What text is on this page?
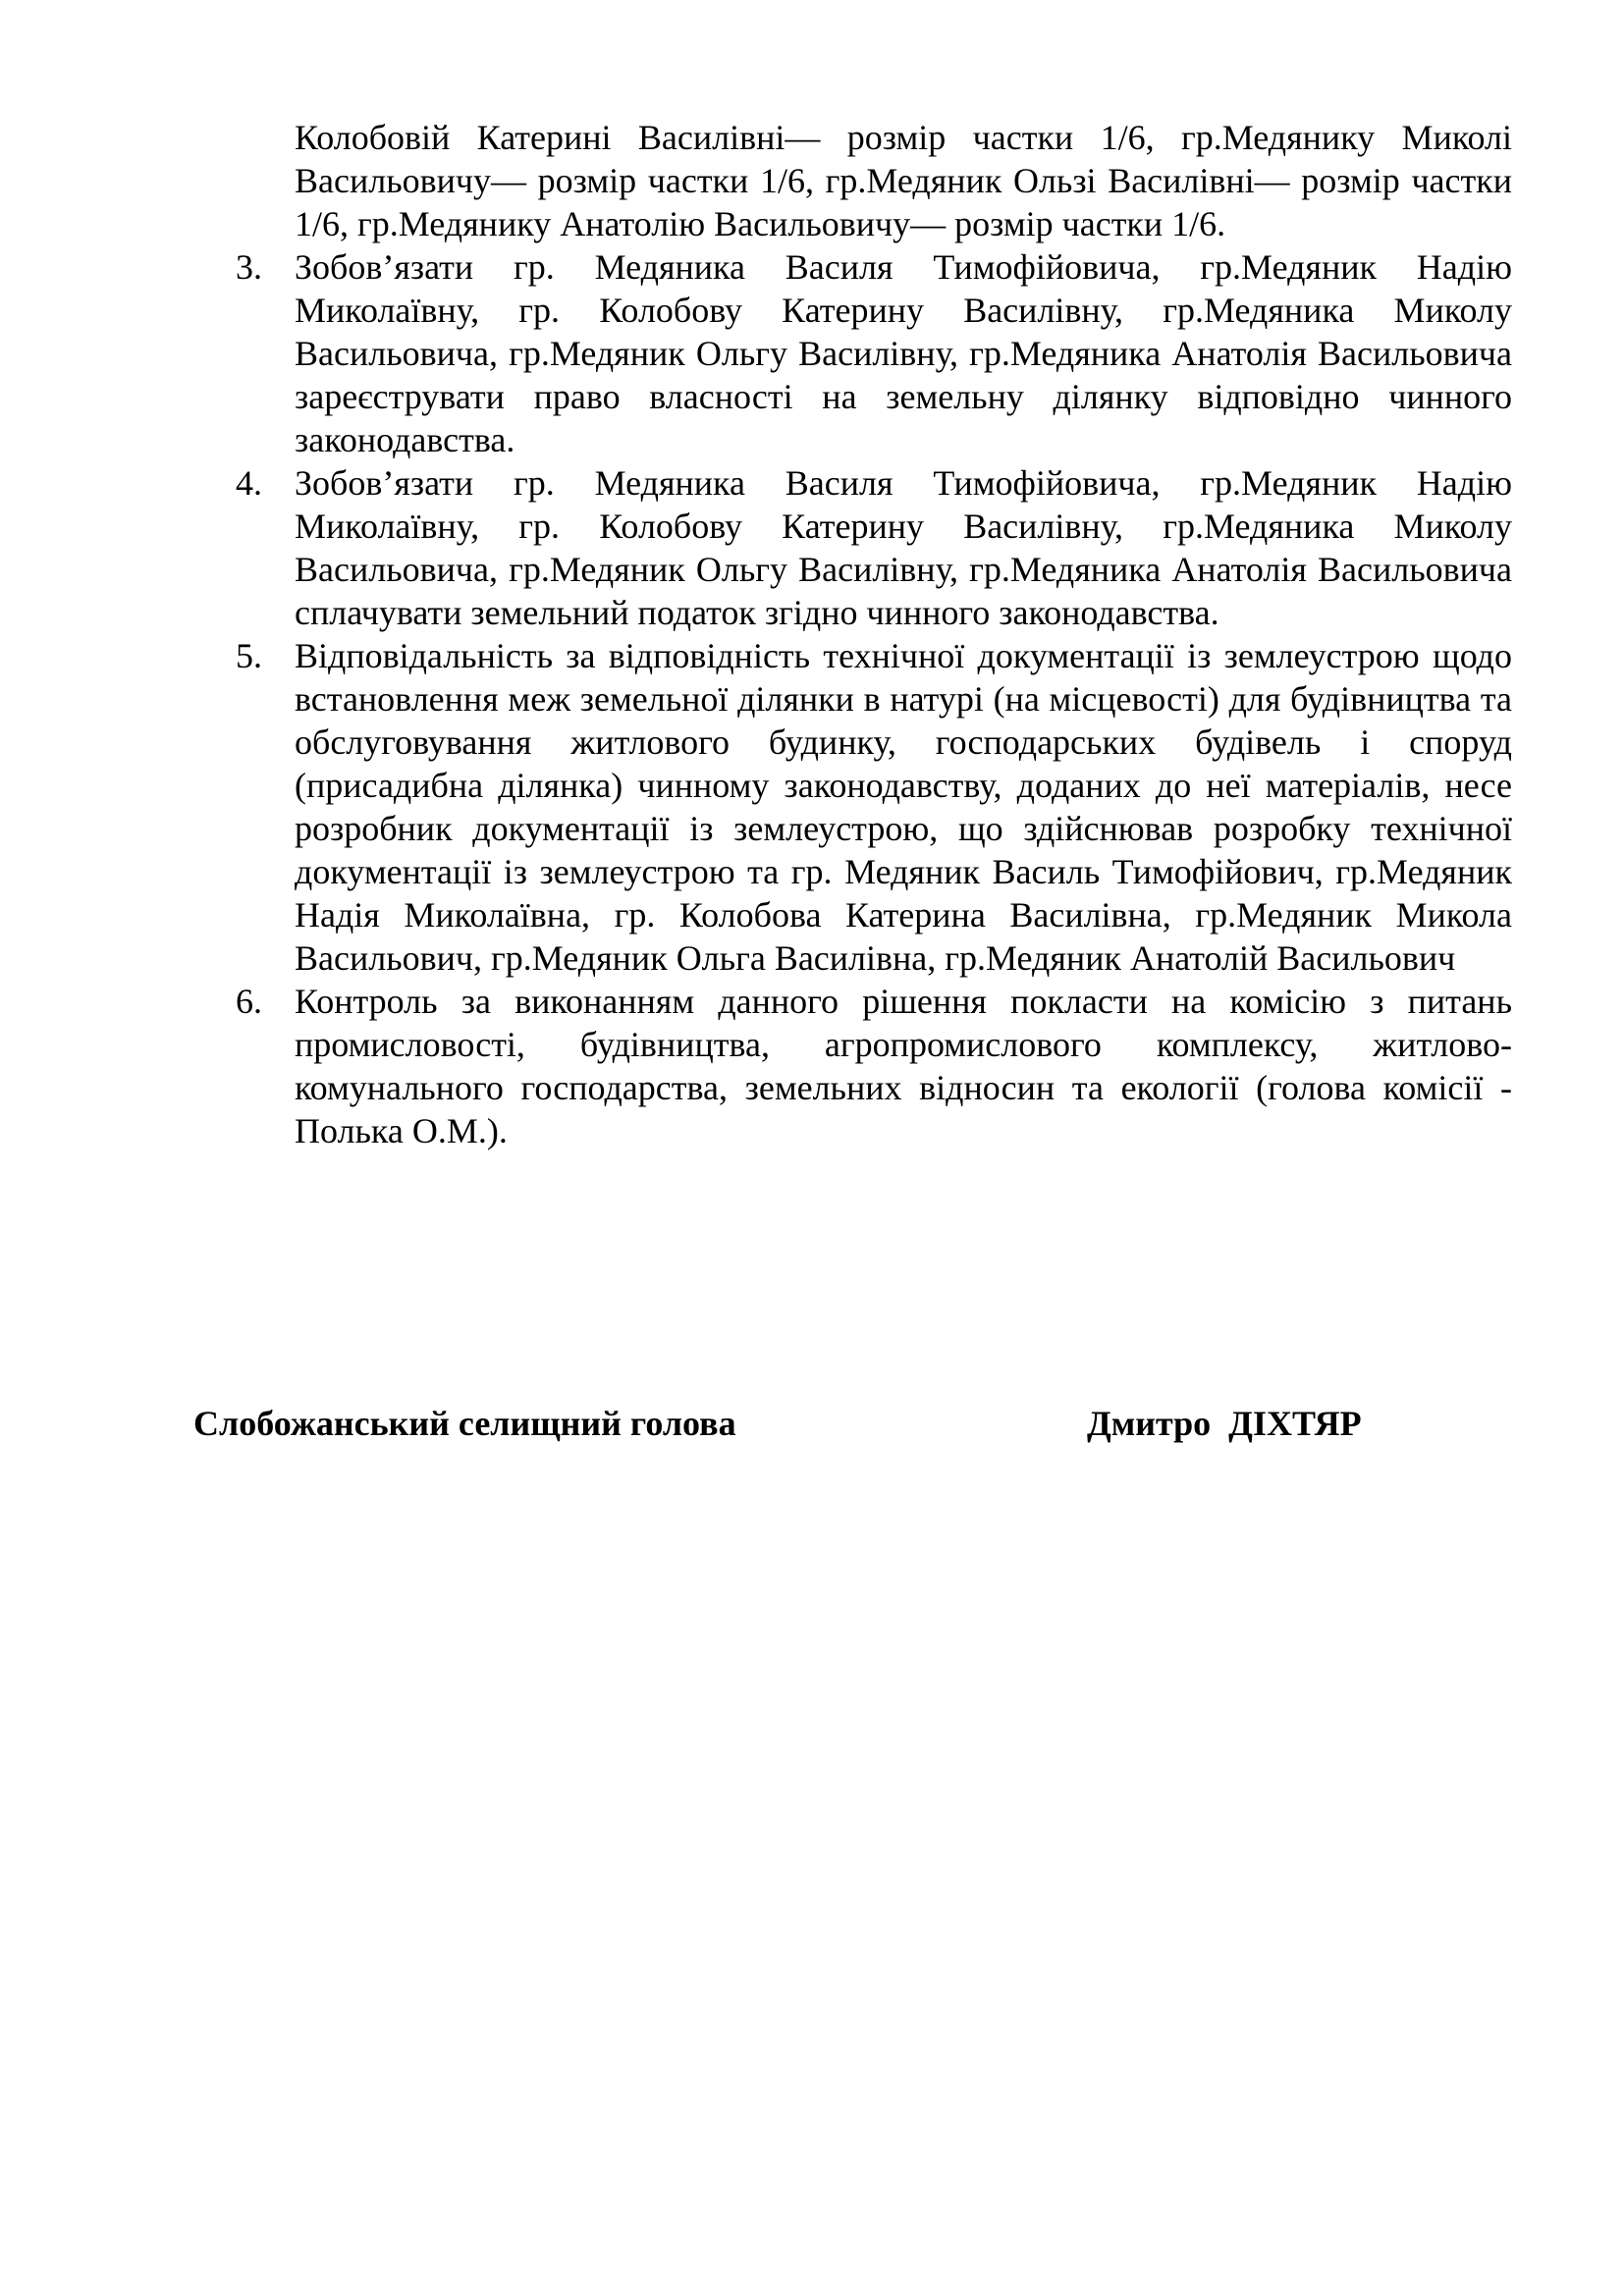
Колобовій Катерині Василівні— розмір частки 1/6, гр.Медянику Миколі Васильовичу— розмір частки 1/6, гр.Медяник Ользі Василівні— розмір частки 1/6, гр.Медянику Анатолію Васильовичу— розмір частки 1/6.

3. Зобов’язати гр. Медяника Василя Тимофійовича, гр.Медяник Надію Миколаївну, гр. Колобову Катерину Василівну, гр.Медяника Миколу Васильовича, гр.Медяник Ольгу Василівну, гр.Медяника Анатолія Васильовича зареєструвати право власності на земельну ділянку відповідно чинного законодавства.
4. Зобов’язати гр. Медяника Василя Тимофійовича, гр.Медяник Надію Миколаївну, гр. Колобову Катерину Василівну, гр.Медяника Миколу Васильовича, гр.Медяник Ольгу Василівну, гр.Медяника Анатолія Васильовича сплачувати земельний податок згідно чинного законодавства.
5. Відповідальність за відповідність технічної документації із землеустрою щодо встановлення меж земельної ділянки в натурі (на місцевості) для будівництва та обслуговування житлового будинку, господарських будівель і споруд (присадибна ділянка) чинному законодавству, доданих до неї матеріалів, несе розробник документації із землеустрою, що здійснював розробку технічної документації із землеустрою та гр. Медяник Василь Тимофійович, гр.Медяник Надія Миколаївна, гр. Колобова Катерина Василівна, гр.Медяник Микола Васильович, гр.Медяник Ольга Василівна, гр.Медяник Анатолій Васильович
6. Контроль за виконанням данного рішення покласти на комісію з питань промисловості, будівництва, агропромислового комплексу, житлово-комунального господарства, земельних відносин та екології (голова комісії - Полька О.М.).
Слобожанський селищний голова	Дмитро  ДІХТЯР
